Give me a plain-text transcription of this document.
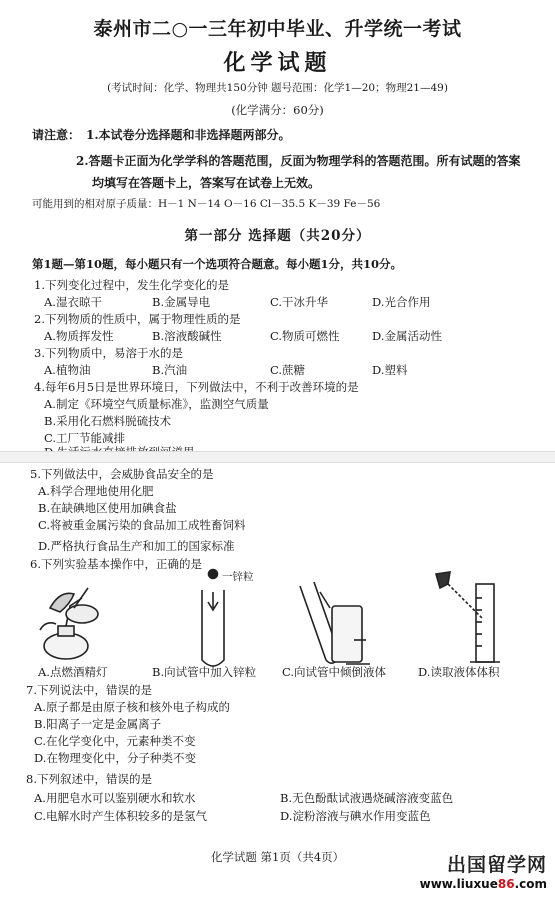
泰州市二○一三年初中毕业、升学统一考试
化学试题
(考试时间：化学、物理共150分钟 题号范围：化学1—20；物理21—49)
(化学满分：60分)
请注意： 1.本试卷分选择题和非选择题两部分。
2.答题卡正面为化学学科的答题范围，反面为物理学科的答题范围。所有试题的答案
均填写在答题卡上，答案写在试卷上无效。
可能用到的相对原子质量：H－1 N－14 O－16 Cl－35.5 K－39 Fe－56
第一部分 选择题（共20分）
第1题—第10题，每小题只有一个选项符合题意。每小题1分，共10分。
1.下列变化过程中，发生化学变化的是
A.湿衣晾干	B.金属导电	C.干冰升华	D.光合作用
2.下列物质的性质中，属于物理性质的是
A.物质挥发性	B.溶液酸碱性	C.物质可燃性	D.金属活动性
3.下列物质中，易溶于水的是
A.植物油	B.汽油	C.蔗糖	D.塑料
4.每年6月5日是世界环境日，下列做法中，不利于改善环境的是
A.制定《环境空气质量标准》，监测空气质量
B.采用化石燃料脱硫技术
C.工厂节能减排
5.下列做法中，会威胁食品安全的是
A.科学合理地使用化肥
B.在缺碘地区使用加碘食盐
C.将被重金属污染的食品加工成牲畜饲料
D.严格执行食品生产和加工的国家标准
6.下列实验基本操作中，正确的是
一锌粒
A.点燃酒精灯	B.向试管中加入锌粒 C.向试管中倾倒液体	D.读取液体体积
7.下列说法中，错误的是
A.原子都是由原子核和核外电子构成的
B.阳离子一定是金属离子
C.在化学变化中，元素种类不变
D.在物理变化中，分子种类不变
8.下列叙述中，错误的是
A.用肥皂水可以鉴别硬水和软水	B.无色酚酞试液遇烧碱溶液变蓝色
C.电解水时产生体积较多的是氢气	D.淀粉溶液与碘水作用变蓝色
化学试题 第1页（共4页）	出国留学网
www.liuxue86.com
